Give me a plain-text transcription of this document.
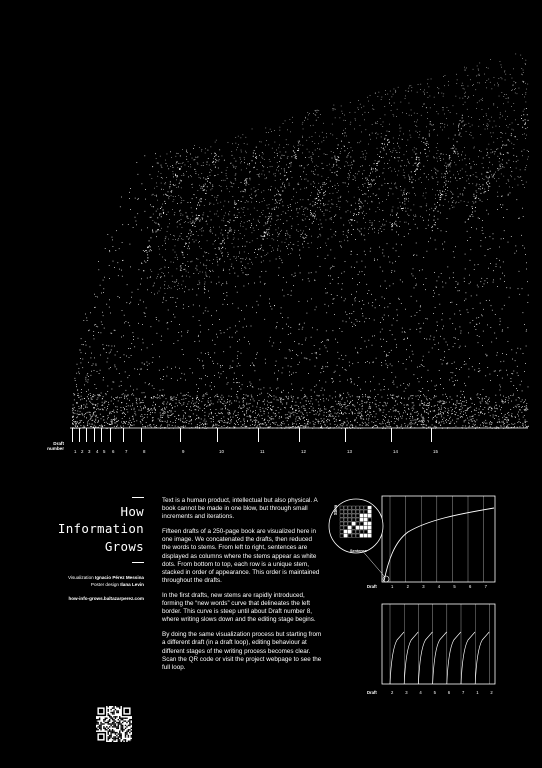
Draft
number
1 2 3 4 5 6 7	8	9	10	11	12	13	14	15
How
Information
Grows
Visualization Ignacio Pérez Messina
Poster design Ilana Levin
how-info-grows.baltazarperez.com

Text is a human product, intellectual but also physical. A book cannot be made in one blow, but through small increments and iterations.

Fifteen drafts of a 250-page book are visualized here in one image. We concatenated the drafts, then reduced the words to stems. From left to right, sentences are displayed as columns where the stems appear as white dots. From bottom to top, each row is a unique stem, stacked in order of appearance. This order is maintained throughout the drafts.

In the first drafts, new stems are rapidly introduced, forming the “new words” curve that delineates the left border. This curve is steep until about Draft number 8, where writing slows down and the editing stage begins.

By doing the same visualization process but starting from a different draft (in a draft loop), editing behaviour at different stages of the writing process becomes clear. Scan the QR code or visit the project webpage to see the full loop.

Stem
Sentence
Draft	1	2	3	4	5	6	7
Draft	2	3	4	5	6	7	1	2
